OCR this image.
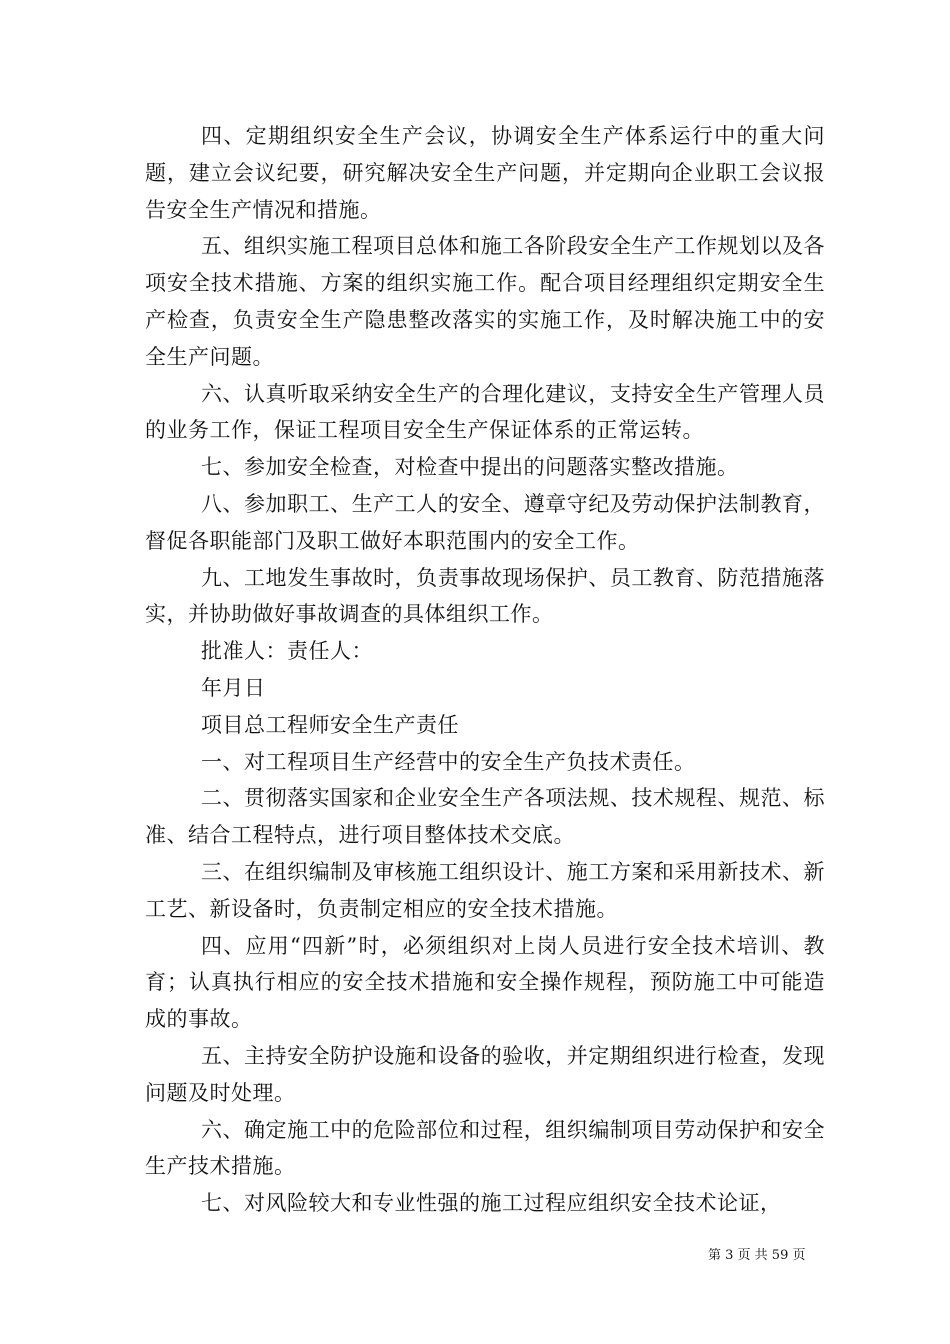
四、定期组织安全生产会议，协调安全生产体系运行中的重大问题，建立会议纪要，研究解决安全生产问题，并定期向企业职工会议报告安全生产情况和措施。

五、组织实施工程项目总体和施工各阶段安全生产工作规划以及各项安全技术措施、方案的组织实施工作。配合项目经理组织定期安全生产检查，负责安全生产隐患整改落实的实施工作，及时解决施工中的安全生产问题。

六、认真听取采纳安全生产的合理化建议，支持安全生产管理人员的业务工作，保证工程项目安全生产保证体系的正常运转。

七、参加安全检查，对检查中提出的问题落实整改措施。

八、参加职工、生产工人的安全、遵章守纪及劳动保护法制教育，督促各职能部门及职工做好本职范围内的安全工作。

九、工地发生事故时，负责事故现场保护、员工教育、防范措施落实，并协助做好事故调查的具体组织工作。

批准人：责任人：

年月日

项目总工程师安全生产责任

一、对工程项目生产经营中的安全生产负技术责任。

二、贯彻落实国家和企业安全生产各项法规、技术规程、规范、标准、结合工程特点，进行项目整体技术交底。

三、在组织编制及审核施工组织设计、施工方案和采用新技术、新工艺、新设备时，负责制定相应的安全技术措施。

四、应用“四新”时，必须组织对上岗人员进行安全技术培训、教育；认真执行相应的安全技术措施和安全操作规程，预防施工中可能造成的事故。

五、主持安全防护设施和设备的验收，并定期组织进行检查，发现问题及时处理。

六、确定施工中的危险部位和过程，组织编制项目劳动保护和安全生产技术措施。

七、对风险较大和专业性强的施工过程应组织安全技术论证，

第 3 页 共 59 页
